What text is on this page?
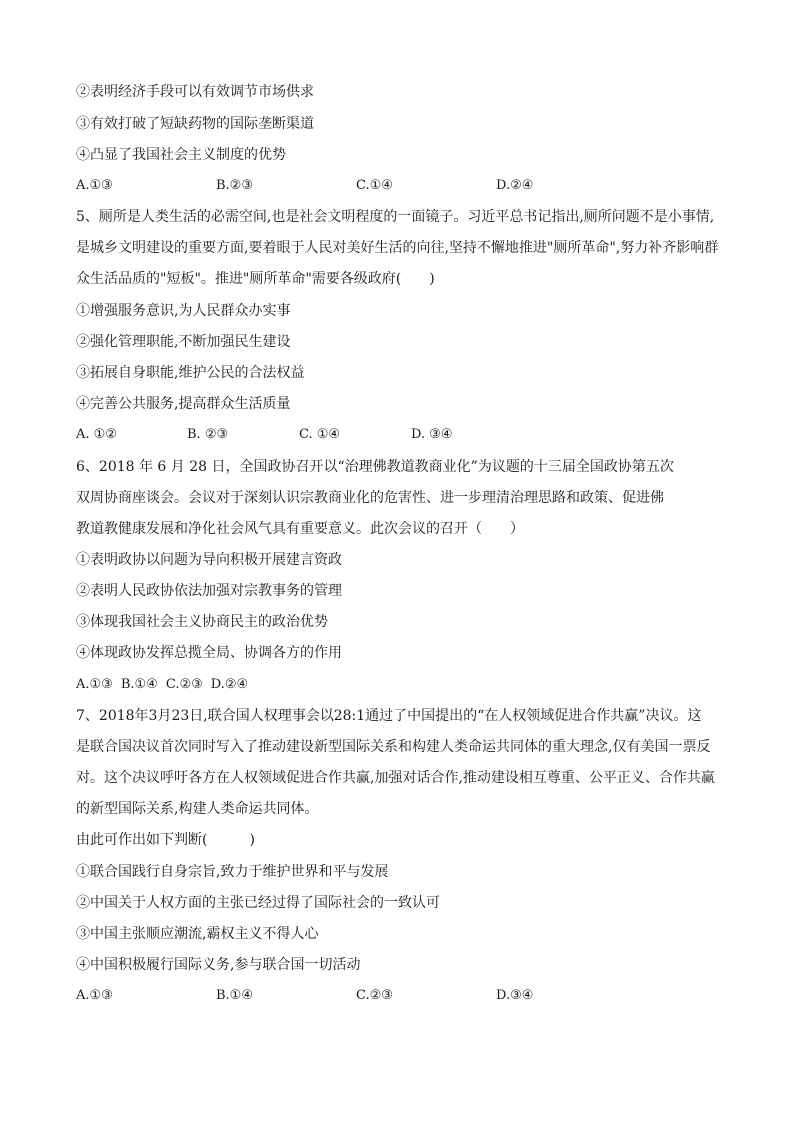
②表明经济手段可以有效调节市场供求
③有效打破了短缺药物的国际垄断渠道
④凸显了我国社会主义制度的优势
A.①③	B.②③	C.①④	D.②④
5、厕所是人类生活的必需空间,也是社会文明程度的一面镜子。习近平总书记指出,厕所问题不是小事情,
是城乡文明建设的重要方面,要着眼于人民对美好生活的向往,坚持不懈地推进"厕所革命",努力补齐影响群
众生活品质的"短板"。推进"厕所革命"需要各级政府(　　)
①增强服务意识,为人民群众办实事
②强化管理职能,不断加强民生建设
③拓展自身职能,维护公民的合法权益
④完善公共服务,提高群众生活质量
A. ①②	B. ②③	C. ①④	D. ③④
6、2018 年 6 月 28 日，全国政协召开以“治理佛教道教商业化”为议题的十三届全国政协第五次
双周协商座谈会。会议对于深刻认识宗教商业化的危害性、进一步理清治理思路和政策、促进佛
教道教健康发展和净化社会风气具有重要意义。此次会议的召开（　　）
①表明政协以问题为导向积极开展建言资政
②表明人民政协依法加强对宗教事务的管理
③体现我国社会主义协商民主的政治优势
④体现政协发挥总揽全局、协调各方的作用
A.①③ B.①④ C.②③ D.②④
7、2018年3月23日,联合国人权理事会以28:1通过了中国提出的“在人权领域促进合作共赢”决议。这
是联合国决议首次同时写入了推动建设新型国际关系和构建人类命运共同体的重大理念,仅有美国一票反
对。这个决议呼吁各方在人权领域促进合作共赢,加强对话合作,推动建设相互尊重、公平正义、合作共赢
的新型国际关系,构建人类命运共同体。
由此可作出如下判断(　　　)
①联合国践行自身宗旨,致力于维护世界和平与发展
②中国关于人权方面的主张已经过得了国际社会的一致认可
③中国主张顺应潮流,霸权主义不得人心
④中国积极履行国际义务,参与联合国一切活动
A.①③	B.①④	C.②③	D.③④
